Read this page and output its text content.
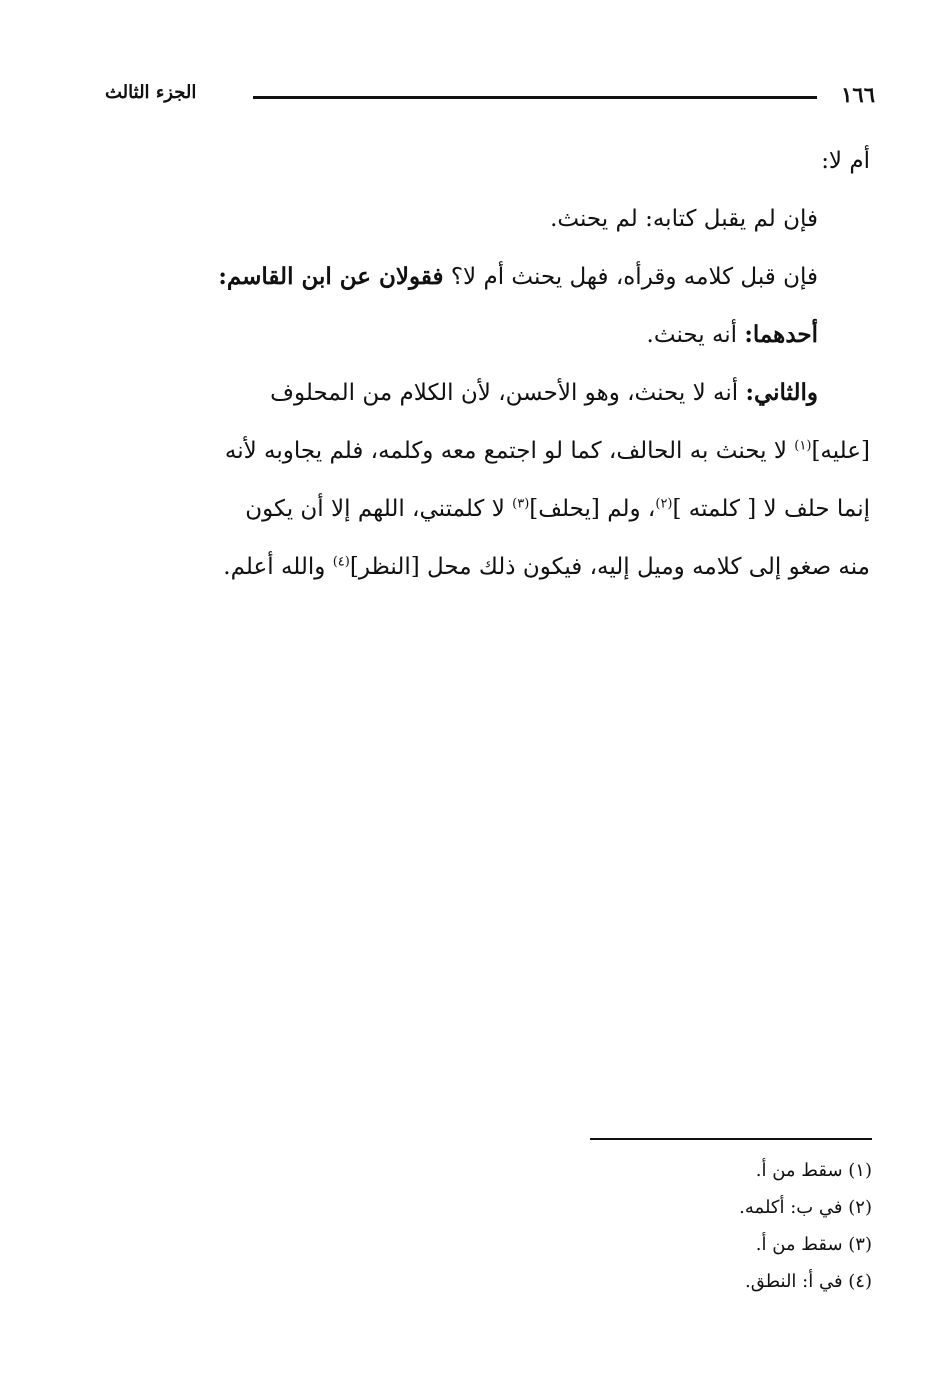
١٦٦
الجزء الثالث

أم لا:

فإن لم يقبل كتابه: لم يحنث.

فإن قبل كلامه وقرأه، فهل يحنث أم لا؟ فقولان عن ابن القاسم:

أحدهما: أنه يحنث.

والثاني: أنه لا يحنث، وهو الأحسن، لأن الكلام من المحلوف
[عليه]$^{(١)}$ لا يحنث به الحالف، كما لو اجتمع معه وكلمه، فلم يجاوبه لأنه
إنما حلف لا [ كلمته ]$^{(٢)}$، ولم [يحلف]$^{(٣)}$ لا كلمتني، اللهم إلا أن يكون
منه صغو إلى كلامه وميل إليه، فيكون ذلك محل [النظر]$^{(٤)}$ والله أعلم.
(١) سقط من أ.
(٢) في ب: أكلمه.
(٣) سقط من أ.
(٤) في أ: النطق.
